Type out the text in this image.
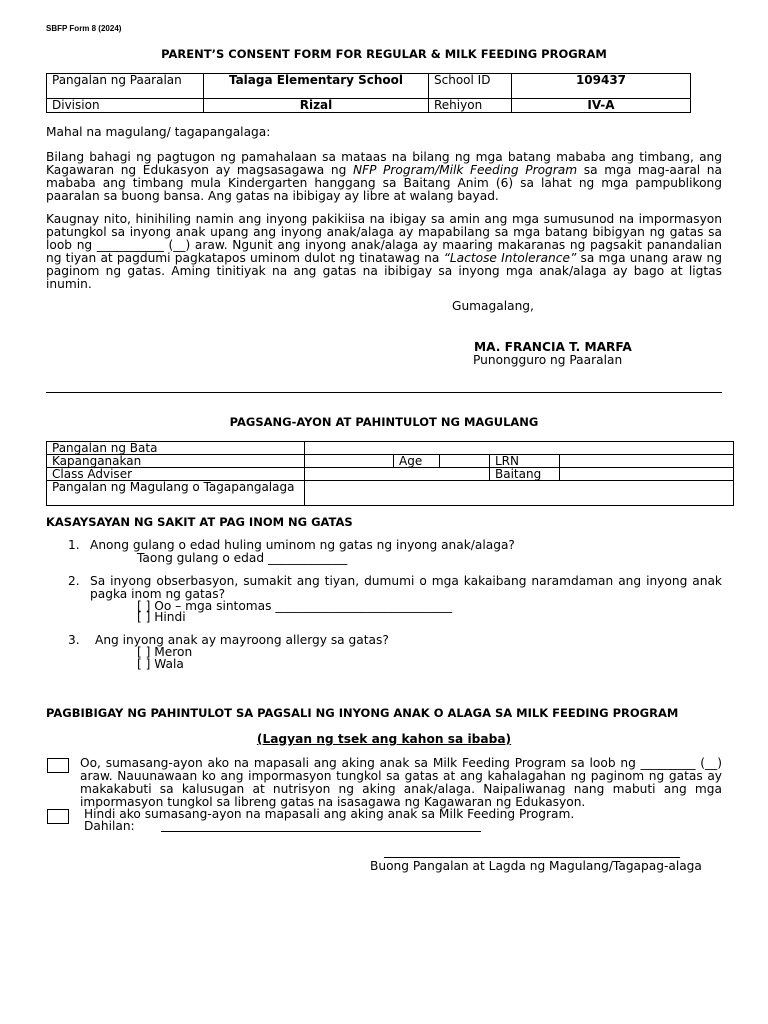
SBFP Form 8 (2024)
PARENT’S CONSENT FORM FOR REGULAR & MILK FEEDING PROGRAM
Pangalan ng Paaralan	Talaga Elementary School	School ID	109437
Division	Rizal	Rehiyon	IV-A
Mahal na magulang/ tagapangalaga:
Bilang bahagi ng pagtugon ng pamahalaan sa mataas na bilang ng mga batang mababa ang timbang, ang Kagawaran ng Edukasyon ay magsasagawa ng NFP Program/Milk Feeding Program sa mga mag-aaral na mababa ang timbang mula Kindergarten hanggang sa Baitang Anim (6) sa lahat ng mga pampublikong paaralan sa buong bansa. Ang gatas na ibibigay ay libre at walang bayad.
Kaugnay nito, hinihiling namin ang inyong pakikiisa na ibigay sa amin ang mga sumusunod na impormasyon patungkol sa inyong anak upang ang inyong anak/alaga ay mapabilang sa mga batang bibigyan ng gatas sa loob ng ___________ (__) araw. Ngunit ang inyong anak/alaga ay maaring makaranas ng pagsakit panandalian ng tiyan at pagdumi pagkatapos uminom dulot ng tinatawag na “Lactose Intolerance” sa mga unang araw ng paginom ng gatas. Aming tinitiyak na ang gatas na ibibigay sa inyong mga anak/alaga ay bago at ligtas inumin.
Gumagalang,
MA. FRANCIA T. MARFA
Punongguro ng Paaralan
PAGSANG-AYON AT PAHINTULOT NG MAGULANG
Pangalan ng Bata					
Kapanganakan		Age		LRN	
Class Adviser				Baitang	
Pangalan ng Magulang o Tagapangalaga					
KASAYSAYAN NG SAKIT AT PAG INOM NG GATAS
1. Anong gulang o edad huling uminom ng gatas ng inyong anak/alaga?
Taong gulang o edad _____________
2. Sa inyong obserbasyon, sumakit ang tiyan, dumumi o mga kakaibang naramdaman ang inyong anak pagka inom ng gatas?
[ ] Oo – mga sintomas _____________________________
[ ] Hindi
3. Ang inyong anak ay mayroong allergy sa gatas?
[ ] Meron
[ ] Wala
PAGBIBIGAY NG PAHINTULOT SA PAGSALI NG INYONG ANAK O ALAGA SA MILK FEEDING PROGRAM
(Lagyan ng tsek ang kahon sa ibaba)
Oo, sumasang-ayon ako na mapasali ang aking anak sa Milk Feeding Program sa loob ng _________ (__) araw. Nauunawaan ko ang impormasyon tungkol sa gatas at ang kahalagahan ng paginom ng gatas ay makakabuti sa kalusugan at nutrisyon ng aking anak/alaga. Naipaliwanag nang mabuti ang mga impormasyon tungkol sa libreng gatas na isasagawa ng Kagawaran ng Edukasyon.
Hindi ako sumasang-ayon na mapasali ang aking anak sa Milk Feeding Program.
Dahilan:
Buong Pangalan at Lagda ng Magulang/Tagapag-alaga
